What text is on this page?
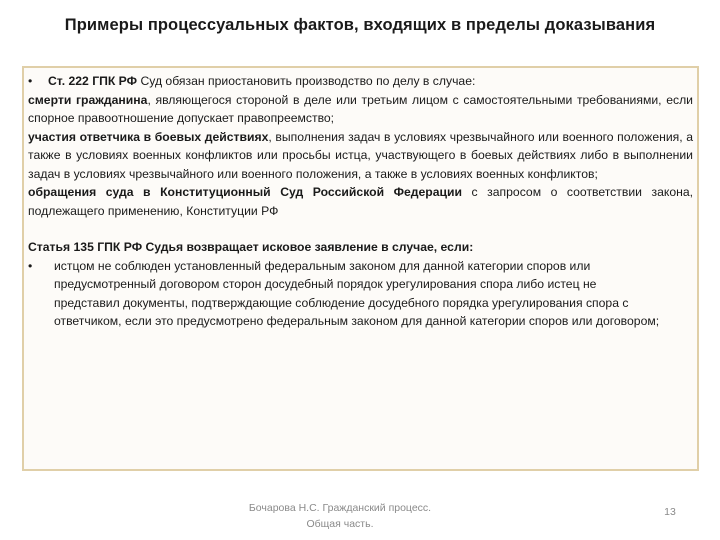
Примеры процессуальных фактов, входящих в пределы доказывания

•	Ст. 222 ГПК РФ Суд обязан приостановить производство по делу в случае:

смерти гражданина, являющегося стороной в деле или третьим лицом с самостоятельными требованиями, если спорное правоотношение допускает правопреемство;

участия ответчика в боевых действиях, выполнения задач в условиях чрезвычайного или военного положения, а также в условиях военных конфликтов или просьбы истца, участвующего в боевых действиях либо в выполнении задач в условиях чрезвычайного или военного положения, а также в условиях военных конфликтов;

обращения суда в Конституционный Суд Российской Федерации с запросом о соответствии закона, подлежащего применению, Конституции РФ

Статья 135 ГПК РФ Судья возвращает исковое заявление в случае, если:

•	истцом не соблюден установленный федеральным законом для данной категории споров или предусмотренный договором сторон досудебный порядок урегулирования спора либо истец не представил документы, подтверждающие соблюдение досудебного порядка урегулирования спора с ответчиком, если это предусмотрено федеральным законом для данной категории споров или договором;
Бочарова Н.С. Гражданский процесс. Общая часть.
13
